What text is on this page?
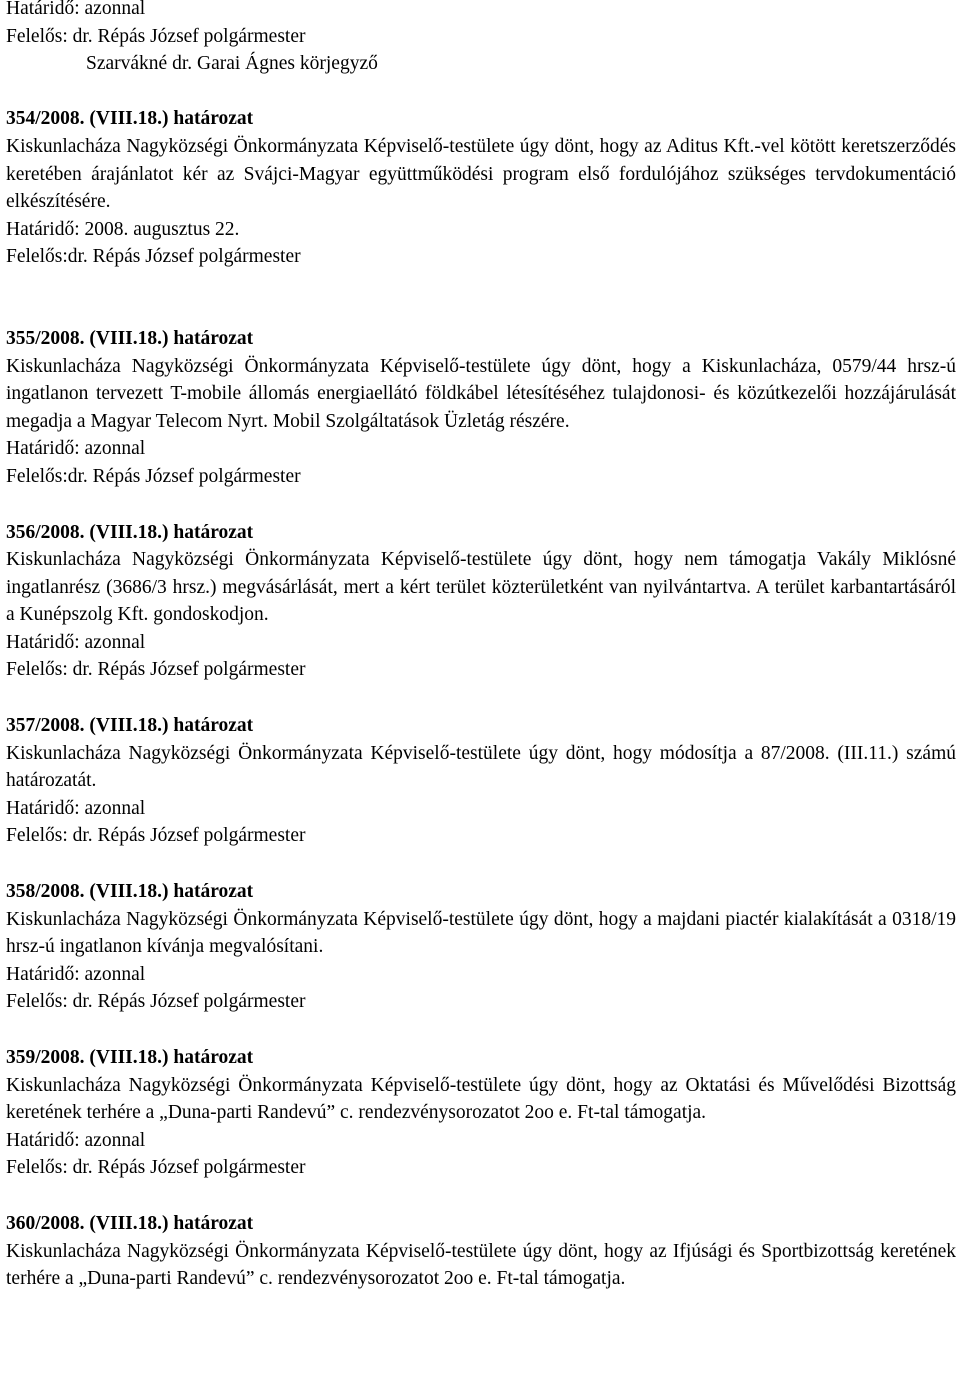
Határidő: azonnal
Felelős: dr. Répás József polgármester
Szarvákné dr. Garai Ágnes körjegyző
354/2008. (VIII.18.) határozat
Kiskunlacháza Nagyközségi Önkormányzata Képviselő-testülete úgy dönt, hogy az Aditus Kft.-vel kötött keretszerződés keretében árajánlatot kér az Svájci-Magyar együttműködési program első fordulójához szükséges tervdokumentáció elkészítésére.
Határidő: 2008. augusztus 22.
Felelős:dr. Répás József polgármester
355/2008. (VIII.18.) határozat
Kiskunlacháza Nagyközségi Önkormányzata Képviselő-testülete úgy dönt, hogy a Kiskunlacháza, 0579/44 hrsz-ú ingatlanon tervezett T-mobile állomás energiaellátó földkábel létesítéséhez tulajdonosi- és közútkezelői hozzájárulását megadja a Magyar Telecom Nyrt. Mobil Szolgáltatások Üzletág részére.
Határidő: azonnal
Felelős:dr. Répás József polgármester
356/2008. (VIII.18.) határozat
Kiskunlacháza Nagyközségi Önkormányzata Képviselő-testülete úgy dönt, hogy nem támogatja Vakály Miklósné ingatlanrész (3686/3 hrsz.) megvásárlását, mert a kért terület közterületként van nyilvántartva. A terület karbantartásáról a Kunépszolg Kft. gondoskodjon.
Határidő: azonnal
Felelős: dr. Répás József polgármester
357/2008. (VIII.18.) határozat
Kiskunlacháza Nagyközségi Önkormányzata Képviselő-testülete úgy dönt, hogy módosítja a 87/2008. (III.11.) számú határozatát.
Határidő: azonnal
Felelős: dr. Répás József polgármester
358/2008. (VIII.18.) határozat
Kiskunlacháza Nagyközségi Önkormányzata Képviselő-testülete úgy dönt, hogy a majdani piactér kialakítását a 0318/19 hrsz-ú ingatlanon kívánja megvalósítani.
Határidő: azonnal
Felelős: dr. Répás József polgármester
359/2008. (VIII.18.) határozat
Kiskunlacháza Nagyközségi Önkormányzata Képviselő-testülete úgy dönt, hogy az Oktatási és Művelődési Bizottság keretének terhére a „Duna-parti Randevú” c. rendezvénysorozatot 2oo e. Ft-tal támogatja.
Határidő: azonnal
Felelős: dr. Répás József polgármester
360/2008. (VIII.18.) határozat
Kiskunlacháza Nagyközségi Önkormányzata Képviselő-testülete úgy dönt, hogy az Ifjúsági és Sportbizottság keretének terhére a „Duna-parti Randevú” c. rendezvénysorozatot 2oo e. Ft-tal támogatja.
